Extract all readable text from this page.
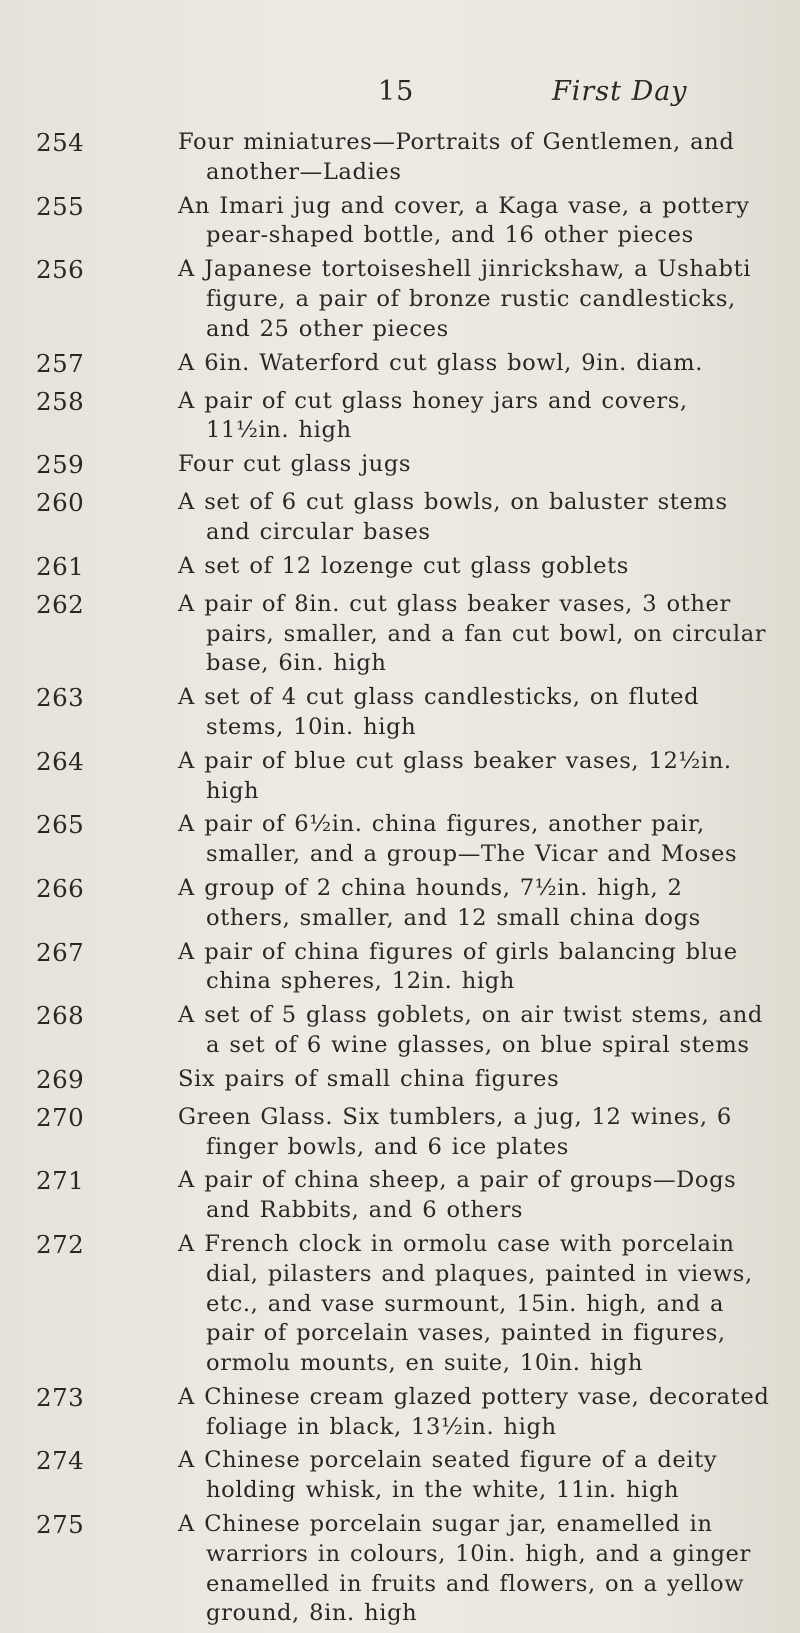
15	First Day
254	Four miniatures—Portraits of Gentlemen, and another—Ladies
255	An Imari jug and cover, a Kaga vase, a pottery pear-shaped bottle, and 16 other pieces
256	A Japanese tortoiseshell jinrickshaw, a Ushabti figure, a pair of bronze rustic candlesticks, and 25 other pieces
257	A 6in. Waterford cut glass bowl, 9in. diam.
258	A pair of cut glass honey jars and covers, 11½in. high
259	Four cut glass jugs
260	A set of 6 cut glass bowls, on baluster stems and circular bases
261	A set of 12 lozenge cut glass goblets
262	A pair of 8in. cut glass beaker vases, 3 other pairs, smaller, and a fan cut bowl, on circular base, 6in. high
263	A set of 4 cut glass candlesticks, on fluted stems, 10in. high
264	A pair of blue cut glass beaker vases, 12½in. high
265	A pair of 6½in. china figures, another pair, smaller, and a group—The Vicar and Moses
266	A group of 2 china hounds, 7½in. high, 2 others, smaller, and 12 small china dogs
267	A pair of china figures of girls balancing blue china spheres, 12in. high
268	A set of 5 glass goblets, on air twist stems, and a set of 6 wine glasses, on blue spiral stems
269	Six pairs of small china figures
270	Green Glass. Six tumblers, a jug, 12 wines, 6 finger bowls, and 6 ice plates
271	A pair of china sheep, a pair of groups—Dogs and Rabbits, and 6 others
272	A French clock in ormolu case with porcelain dial, pilasters and plaques, painted in views, etc., and vase surmount, 15in. high, and a pair of porcelain vases, painted in figures, ormolu mounts, en suite, 10in. high
273	A Chinese cream glazed pottery vase, decorated foliage in black, 13½in. high
274	A Chinese porcelain seated figure of a deity holding whisk, in the white, 11in. high
275	A Chinese porcelain sugar jar, enamelled in warriors in colours, 10in. high, and a ginger enamelled in fruits and flowers, on a yellow ground, 8in. high
